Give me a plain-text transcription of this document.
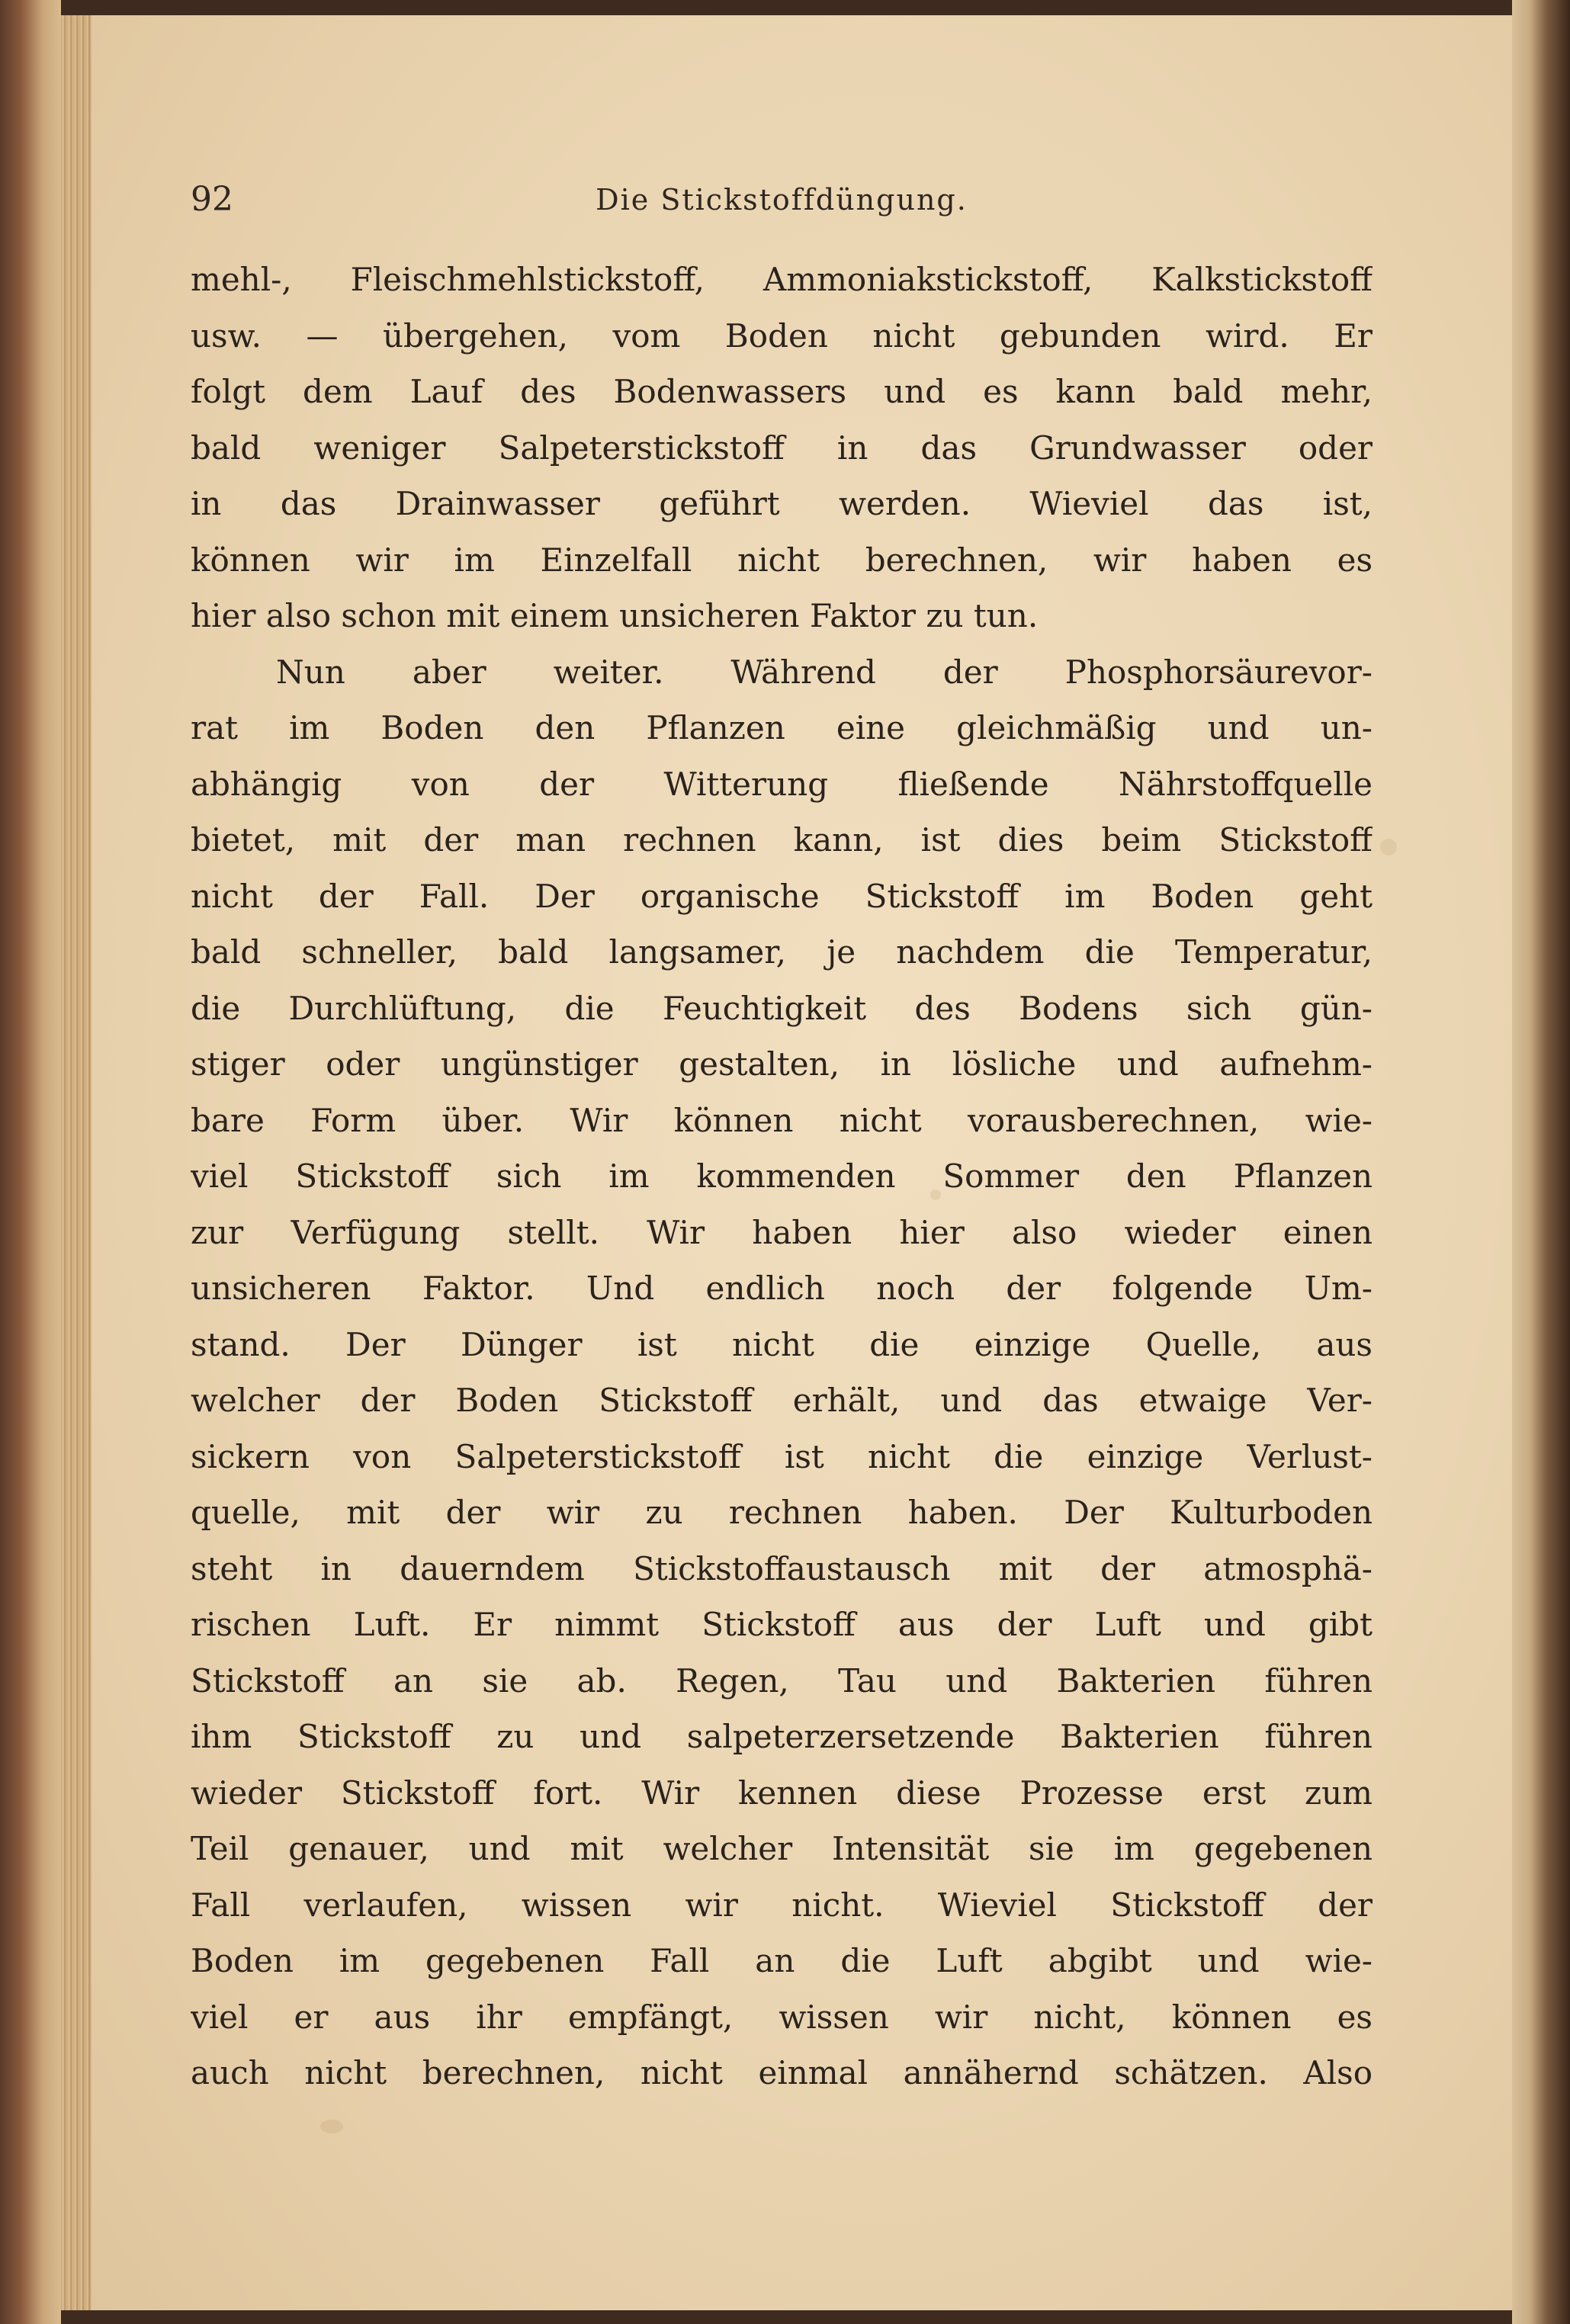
92	Die Stickstoffdüngung.
mehl-, Fleischmehlstickstoff, Ammoniakstickstoff, Kalkstickstoff
usw. — übergehen, vom Boden nicht gebunden wird. Er
folgt dem Lauf des Bodenwassers und es kann bald mehr,
bald weniger Salpeterstickstoff in das Grundwasser oder
in das Drainwasser geführt werden. Wieviel das ist,
können wir im Einzelfall nicht berechnen, wir haben es
hier also schon mit einem unsicheren Faktor zu tun.
Nun aber weiter. Während der Phosphorsäurevor-
rat im Boden den Pflanzen eine gleichmäßig und un-
abhängig von der Witterung fließende Nährstoffquelle
bietet, mit der man rechnen kann, ist dies beim Stickstoff
nicht der Fall. Der organische Stickstoff im Boden geht
bald schneller, bald langsamer, je nachdem die Temperatur,
die Durchlüftung, die Feuchtigkeit des Bodens sich gün-
stiger oder ungünstiger gestalten, in lösliche und aufnehm-
bare Form über. Wir können nicht vorausberechnen, wie-
viel Stickstoff sich im kommenden Sommer den Pflanzen
zur Verfügung stellt. Wir haben hier also wieder einen
unsicheren Faktor. Und endlich noch der folgende Um-
stand. Der Dünger ist nicht die einzige Quelle, aus
welcher der Boden Stickstoff erhält, und das etwaige Ver-
sickern von Salpeterstickstoff ist nicht die einzige Verlust-
quelle, mit der wir zu rechnen haben. Der Kulturboden
steht in dauerndem Stickstoffaustausch mit der atmosphä-
rischen Luft. Er nimmt Stickstoff aus der Luft und gibt
Stickstoff an sie ab. Regen, Tau und Bakterien führen
ihm Stickstoff zu und salpeterzersetzende Bakterien führen
wieder Stickstoff fort. Wir kennen diese Prozesse erst zum
Teil genauer, und mit welcher Intensität sie im gegebenen
Fall verlaufen, wissen wir nicht. Wieviel Stickstoff der
Boden im gegebenen Fall an die Luft abgibt und wie-
viel er aus ihr empfängt, wissen wir nicht, können es
auch nicht berechnen, nicht einmal annähernd schätzen. Also
